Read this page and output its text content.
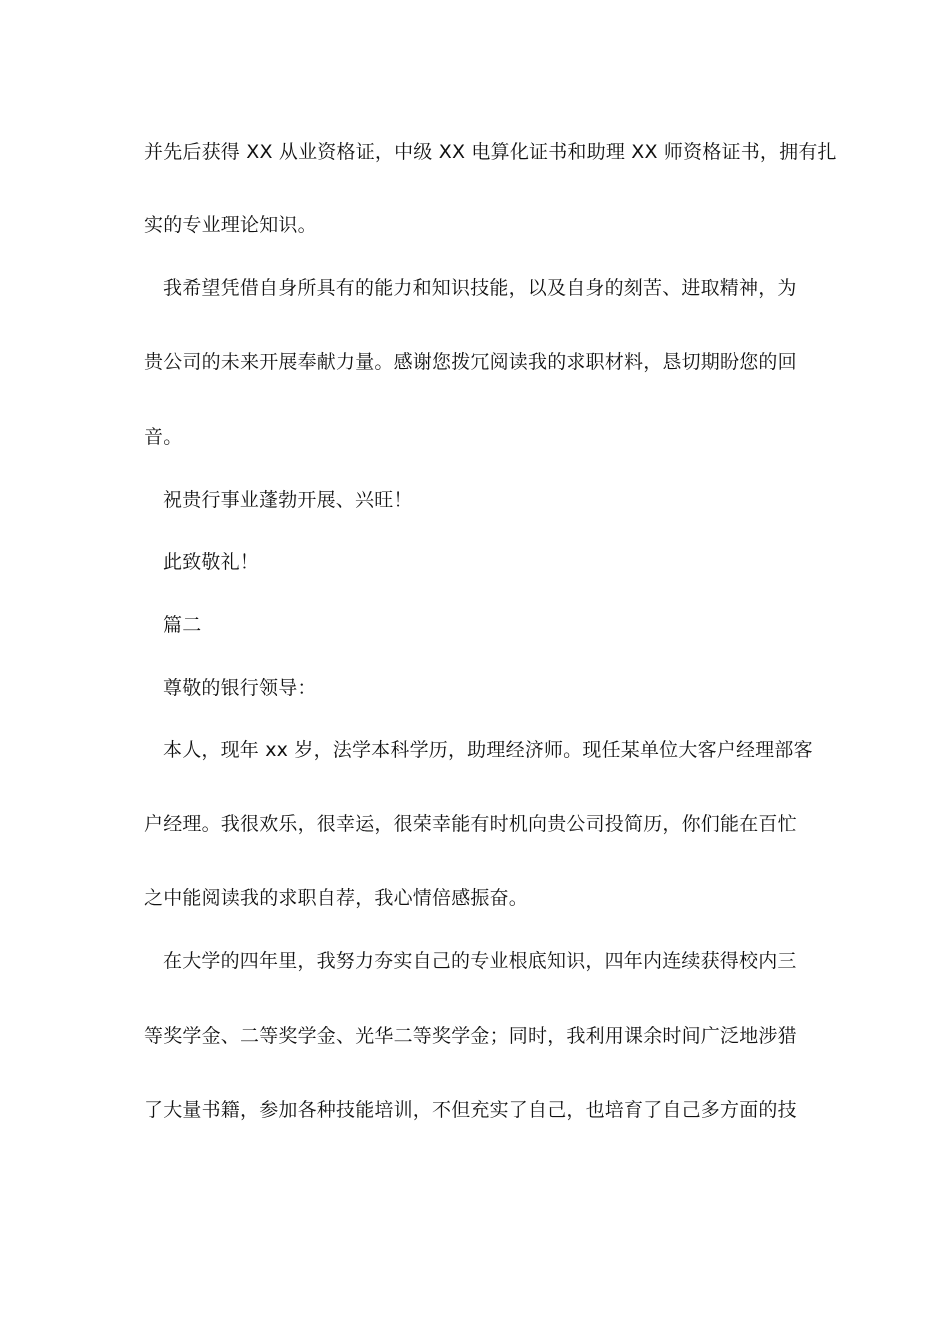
并先后获得 XX 从业资格证，中级 XX 电算化证书和助理 XX 师资格证书，拥有扎
实的专业理论知识。
我希望凭借自身所具有的能力和知识技能，以及自身的刻苦、进取精神，为
贵公司的未来开展奉献力量。感谢您拨冗阅读我的求职材料，恳切期盼您的回
音。
祝贵行事业蓬勃开展、兴旺！
此致敬礼！
篇二
尊敬的银行领导：
本人，现年 xx 岁，法学本科学历，助理经济师。现任某单位大客户经理部客
户经理。我很欢乐，很幸运，很荣幸能有时机向贵公司投简历，你们能在百忙
之中能阅读我的求职自荐，我心情倍感振奋。
在大学的四年里，我努力夯实自己的专业根底知识，四年内连续获得校内三
等奖学金、二等奖学金、光华二等奖学金；同时，我利用课余时间广泛地涉猎
了大量书籍，参加各种技能培训，不但充实了自己，也培育了自己多方面的技
